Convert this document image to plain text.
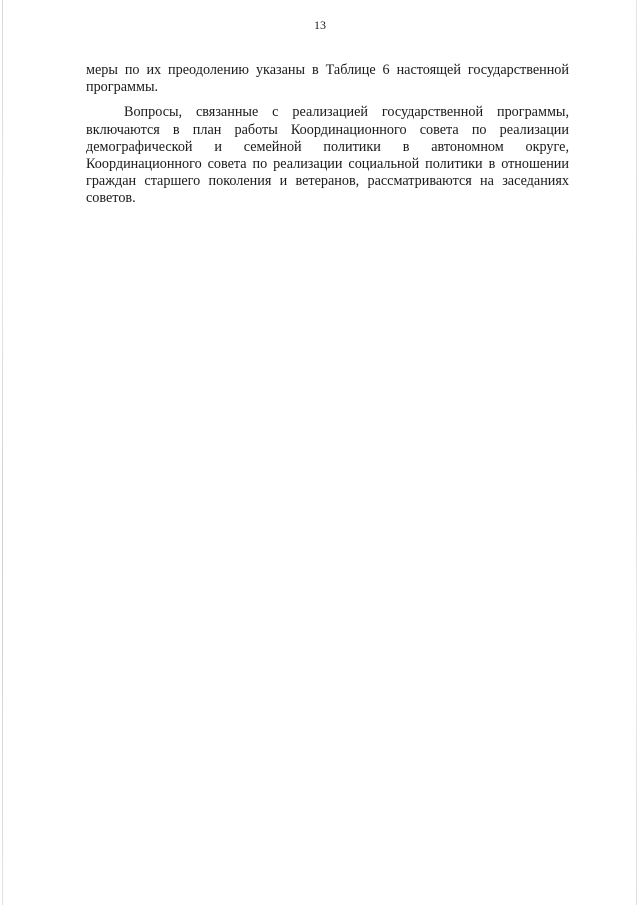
13

меры по их преодолению указаны в Таблице 6 настоящей государственной программы.

Вопросы, связанные с реализацией государственной программы, включаются в план работы Координационного совета по реализации демографической и семейной политики в автономном округе, Координационного совета по реализации социальной политики в отношении граждан старшего поколения и ветеранов, рассматриваются на заседаниях советов.
